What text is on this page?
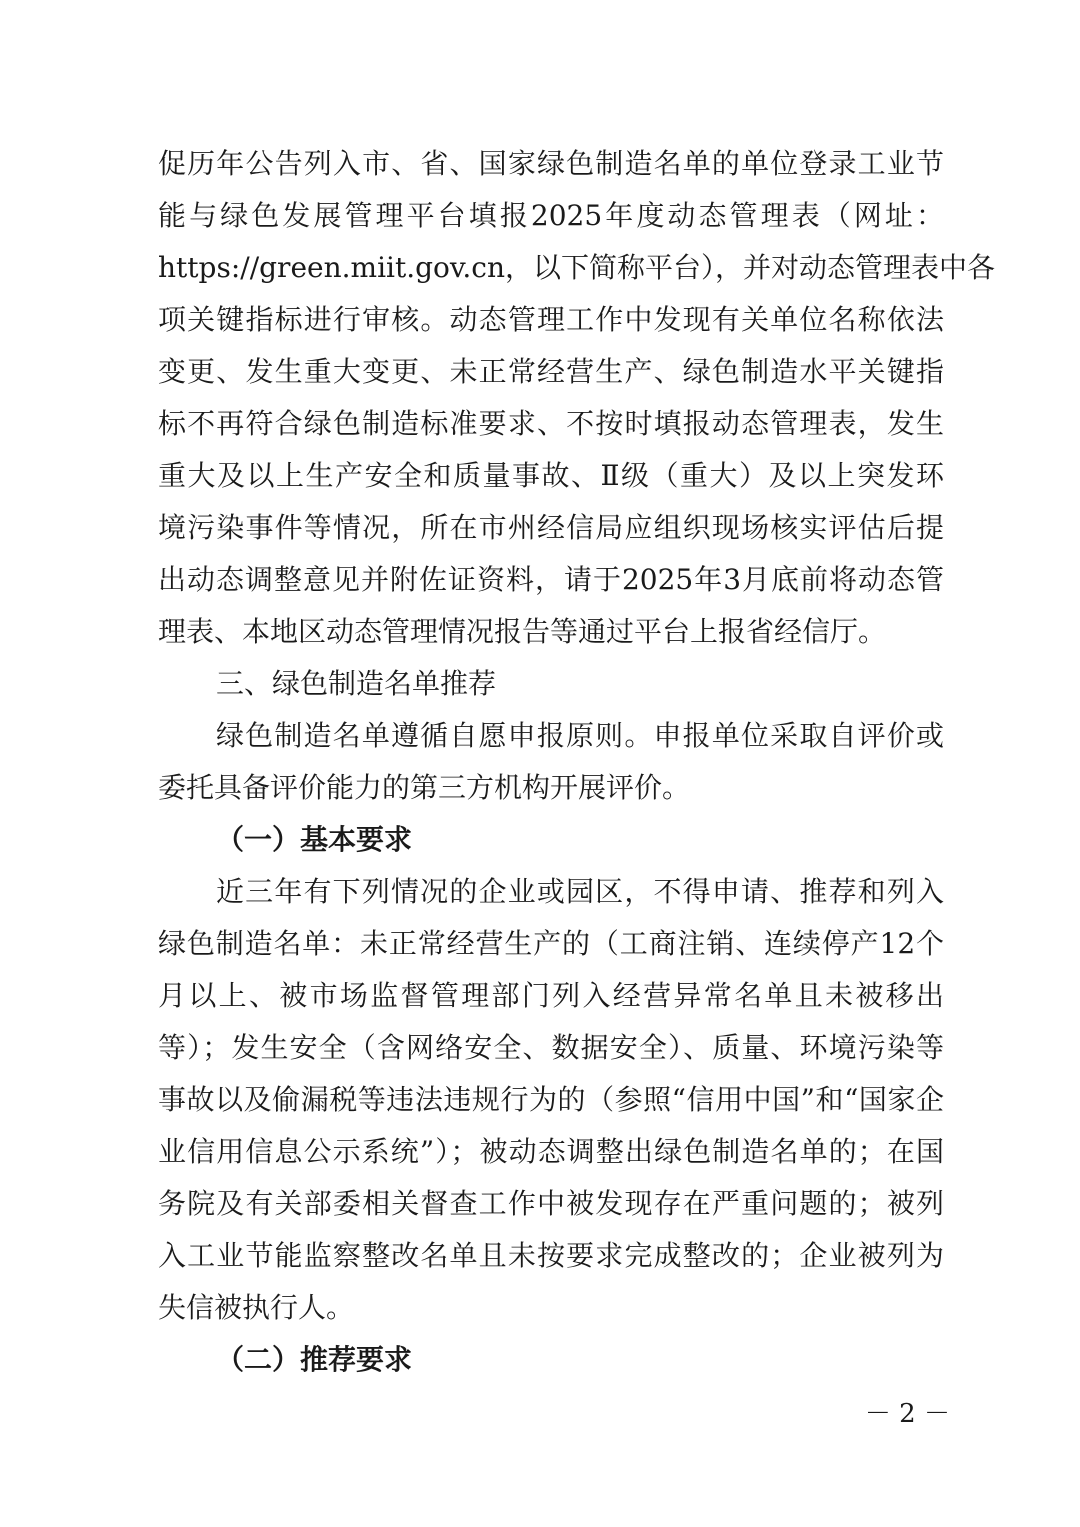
促历年公告列入市、省、国家绿色制造名单的单位登录工业节
能与绿色发展管理平台填报2025年度动态管理表（网址：
https://green.miit.gov.cn，以下简称平台），并对动态管理表中各
项关键指标进行审核。动态管理工作中发现有关单位名称依法
变更、发生重大变更、未正常经营生产、绿色制造水平关键指
标不再符合绿色制造标准要求、不按时填报动态管理表，发生
重大及以上生产安全和质量事故、Ⅱ级（重大）及以上突发环
境污染事件等情况，所在市州经信局应组织现场核实评估后提
出动态调整意见并附佐证资料，请于2025年3月底前将动态管
理表、本地区动态管理情况报告等通过平台上报省经信厅。
三、绿色制造名单推荐
绿色制造名单遵循自愿申报原则。申报单位采取自评价或
委托具备评价能力的第三方机构开展评价。
（一）基本要求
近三年有下列情况的企业或园区，不得申请、推荐和列入
绿色制造名单：未正常经营生产的（工商注销、连续停产12个
月以上、被市场监督管理部门列入经营异常名单且未被移出
等）；发生安全（含网络安全、数据安全）、质量、环境污染等
事故以及偷漏税等违法违规行为的（参照“信用中国”和“国家企
业信用信息公示系统”）；被动态调整出绿色制造名单的；在国
务院及有关部委相关督查工作中被发现存在严重问题的；被列
入工业节能监察整改名单且未按要求完成整改的；企业被列为
失信被执行人。
（二）推荐要求
－ 2 －
